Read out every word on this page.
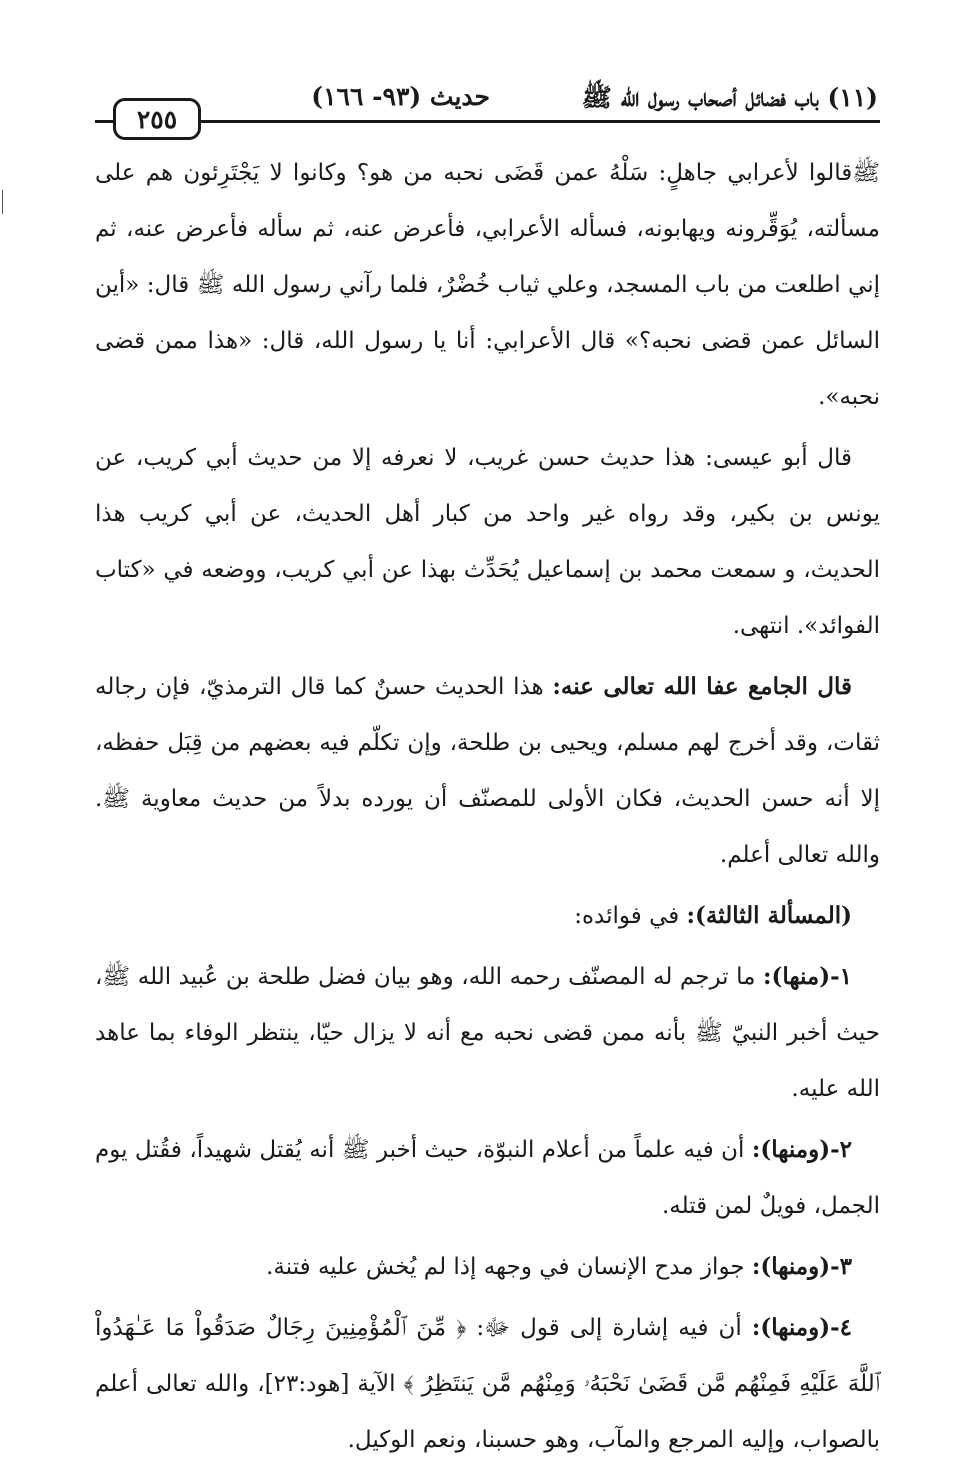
(١١) باب فضائل أصحاب رسول الله ﷺ
حديث (٩٣- ١٦٦)
٢٥٥

ﷺقالوا لأعرابي جاهلٍ: سَلْهُ عمن قَضَى نحبه من هو؟ وكانوا لا يَجْتَرِئون هم على مسألته، يُوَقِّرونه ويهابونه، فسأله الأعرابي، فأعرض عنه، ثم سأله فأعرض عنه، ثم إني اطلعت من باب المسجد، وعلي ثياب خُضْرٌ، فلما رآني رسول الله ﷺ قال: «أين السائل عمن قضى نحبه؟» قال الأعرابي: أنا يا رسول الله، قال: «هذا ممن قضى نحبه».

قال أبو عيسى: هذا حديث حسن غريب، لا نعرفه إلا من حديث أبي كريب، عن يونس بن بكير، وقد رواه غير واحد من كبار أهل الحديث، عن أبي كريب هذا الحديث، و سمعت محمد بن إسماعيل يُحَدِّث بهذا عن أبي كريب، ووضعه في «كتاب الفوائد». انتهى.

قال الجامع عفا الله تعالى عنه: هذا الحديث حسنٌ كما قال الترمذيّ، فإن رجاله ثقات، وقد أخرج لهم مسلم، ويحيى بن طلحة، وإن تكلّم فيه بعضهم من قِبَل حفظه، إلا أنه حسن الحديث، فكان الأولى للمصنّف أن يورده بدلاً من حديث معاوية ﷺ. والله تعالى أعلم.

(المسألة الثالثة): في فوائده:

١-(منها): ما ترجم له المصنّف رحمه الله، وهو بيان فضل طلحة بن عُبيد الله ﷺ، حيث أخبر النبيّ ﷺ بأنه ممن قضى نحبه مع أنه لا يزال حيّا، ينتظر الوفاء بما عاهد الله عليه.

٢-(ومنها): أن فيه علماً من أعلام النبوّة، حيث أخبر ﷺ أنه يُقتل شهيداً، فقُتل يوم الجمل، فويلٌ لمن قتله.

٣-(ومنها): جواز مدح الإنسان في وجهه إذا لم يُخش عليه فتنة.

٤-(ومنها): أن فيه إشارة إلى قول ﷻ: ﴿ مِّنَ ٱلْمُؤْمِنِينَ رِجَالٌ صَدَقُواْ مَا عَـٰهَدُواْ ٱللَّهَ عَلَيْهِ فَمِنْهُم مَّن قَضَىٰ نَحْبَهُۥ وَمِنْهُم مَّن يَنتَظِرُ ﴾ الآية [هود:٢٣]، والله تعالى أعلم بالصواب، وإليه المرجع والمآب، وهو حسبنا، ونعم الوكيل.
